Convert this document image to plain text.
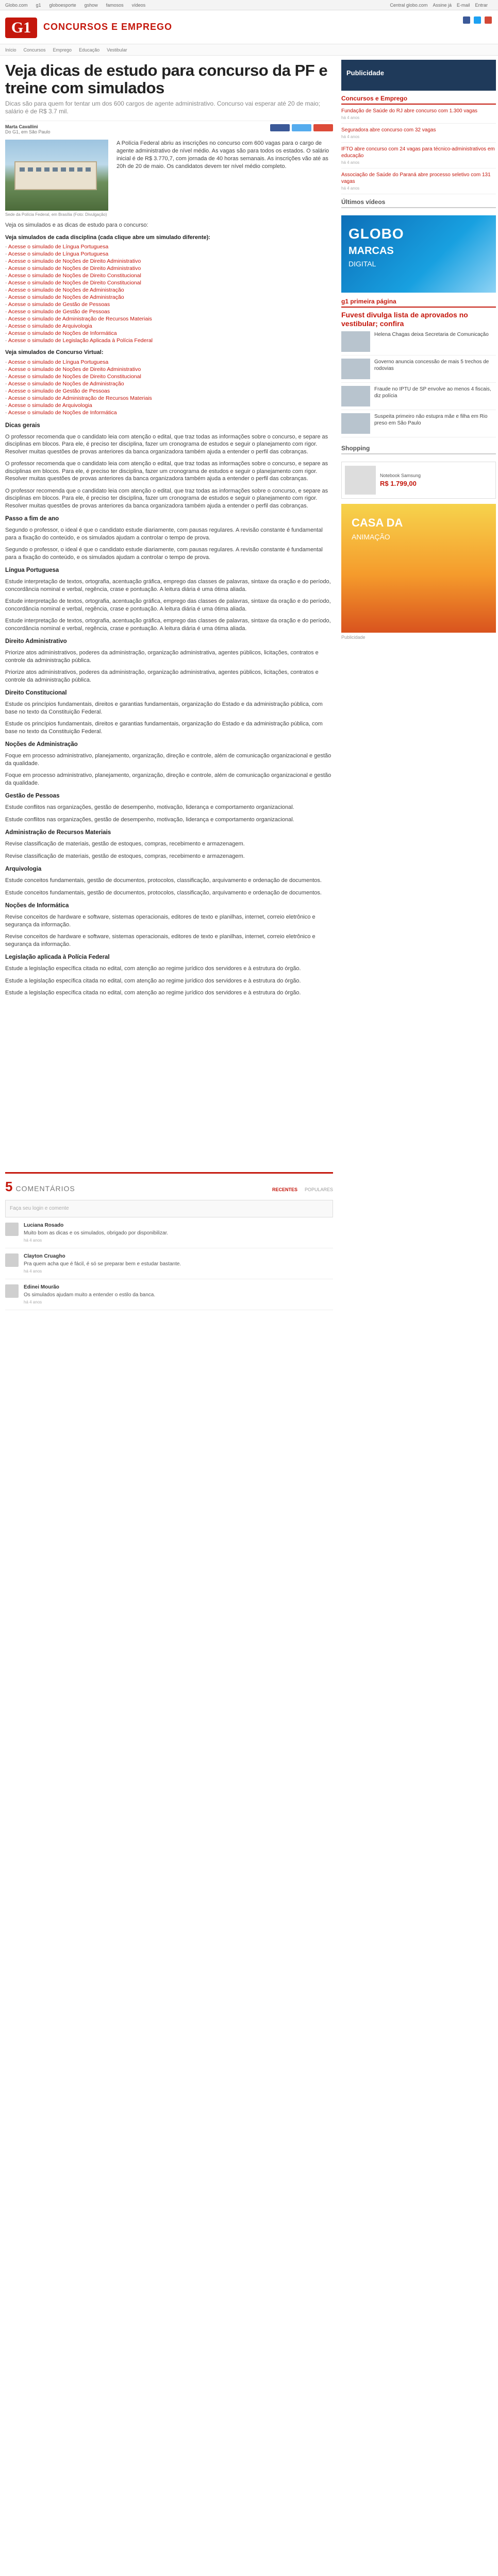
Globo.com g1 globoesporte gshow famosos vídeos	Central globo.com Assine já E-mail Entrar
G1	CONCURSOS E EMPREGO

Início Concursos Emprego Educação Vestibular
Veja dicas de estudo para concurso da PF e treine com simulados
Dicas são para quem for tentar um dos 600 cargos de agente administrativo. Concurso vai esperar até 20 de maio; salário é de R$ 3.7 mil.
Marta Cavallini
Do G1, em São Paulo
Sede da Polícia Federal, em Brasília (Foto: Divulgação)
A Polícia Federal abriu as inscrições no concurso com 600 vagas para o cargo de agente administrativo de nível médio. As vagas são para todos os estados. O salário inicial é de R$ 3.770,7, com jornada de 40 horas semanais. As inscrições vão até as 20h de 20 de maio. Os candidatos devem ter nível médio completo.
Veja os simulados e as dicas de estudo para o concurso:
Veja simulados de cada disciplina (cada clique abre um simulado diferente):
- Acesse o simulado de Língua Portuguesa
- Acesse o simulado de Língua Portuguesa
- Acesse o simulado de Noções de Direito Administrativo
- Acesse o simulado de Noções de Direito Administrativo
- Acesse o simulado de Noções de Direito Constitucional
- Acesse o simulado de Noções de Direito Constitucional
- Acesse o simulado de Noções de Administração
- Acesse o simulado de Noções de Administração
- Acesse o simulado de Gestão de Pessoas
- Acesse o simulado de Gestão de Pessoas
- Acesse o simulado de Administração de Recursos Materiais
- Acesse o simulado de Arquivologia
- Acesse o simulado de Noções de Informática
- Acesse o simulado de Legislação Aplicada à Polícia Federal
Veja simulados de Concurso Virtual:
- Acesse o simulado de Língua Portuguesa
- Acesse o simulado de Noções de Direito Administrativo
- Acesse o simulado de Noções de Direito Constitucional
- Acesse o simulado de Noções de Administração
- Acesse o simulado de Gestão de Pessoas
- Acesse o simulado de Administração de Recursos Materiais
- Acesse o simulado de Arquivologia
- Acesse o simulado de Noções de Informática
Dicas gerais
O professor recomenda que o candidato leia com atenção o edital, que traz todas as informações sobre o concurso, e separe as disciplinas em blocos. Para ele, é preciso ter disciplina, fazer um cronograma de estudos e seguir o planejamento com rigor. Resolver muitas questões de provas anteriores da banca organizadora também ajuda a entender o perfil das cobranças.
O professor recomenda que o candidato leia com atenção o edital, que traz todas as informações sobre o concurso, e separe as disciplinas em blocos. Para ele, é preciso ter disciplina, fazer um cronograma de estudos e seguir o planejamento com rigor. Resolver muitas questões de provas anteriores da banca organizadora também ajuda a entender o perfil das cobranças.
O professor recomenda que o candidato leia com atenção o edital, que traz todas as informações sobre o concurso, e separe as disciplinas em blocos. Para ele, é preciso ter disciplina, fazer um cronograma de estudos e seguir o planejamento com rigor. Resolver muitas questões de provas anteriores da banca organizadora também ajuda a entender o perfil das cobranças.
Passo a fim de ano
Segundo o professor, o ideal é que o candidato estude diariamente, com pausas regulares. A revisão constante é fundamental para a fixação do conteúdo, e os simulados ajudam a controlar o tempo de prova.
Segundo o professor, o ideal é que o candidato estude diariamente, com pausas regulares. A revisão constante é fundamental para a fixação do conteúdo, e os simulados ajudam a controlar o tempo de prova.
Língua Portuguesa
Estude interpretação de textos, ortografia, acentuação gráfica, emprego das classes de palavras, sintaxe da oração e do período, concordância nominal e verbal, regência, crase e pontuação. A leitura diária é uma ótima aliada.
Estude interpretação de textos, ortografia, acentuação gráfica, emprego das classes de palavras, sintaxe da oração e do período, concordância nominal e verbal, regência, crase e pontuação. A leitura diária é uma ótima aliada.
Estude interpretação de textos, ortografia, acentuação gráfica, emprego das classes de palavras, sintaxe da oração e do período, concordância nominal e verbal, regência, crase e pontuação. A leitura diária é uma ótima aliada.
Direito Administrativo
Priorize atos administrativos, poderes da administração, organização administrativa, agentes públicos, licitações, contratos e controle da administração pública.
Priorize atos administrativos, poderes da administração, organização administrativa, agentes públicos, licitações, contratos e controle da administração pública.
Direito Constitucional
Estude os princípios fundamentais, direitos e garantias fundamentais, organização do Estado e da administração pública, com base no texto da Constituição Federal.
Estude os princípios fundamentais, direitos e garantias fundamentais, organização do Estado e da administração pública, com base no texto da Constituição Federal.
Noções de Administração
Foque em processo administrativo, planejamento, organização, direção e controle, além de comunicação organizacional e gestão da qualidade.
Foque em processo administrativo, planejamento, organização, direção e controle, além de comunicação organizacional e gestão da qualidade.
Gestão de Pessoas
Estude conflitos nas organizações, gestão de desempenho, motivação, liderança e comportamento organizacional.
Estude conflitos nas organizações, gestão de desempenho, motivação, liderança e comportamento organizacional.
Administração de Recursos Materiais
Revise classificação de materiais, gestão de estoques, compras, recebimento e armazenagem.
Revise classificação de materiais, gestão de estoques, compras, recebimento e armazenagem.
Arquivologia
Estude conceitos fundamentais, gestão de documentos, protocolos, classificação, arquivamento e ordenação de documentos.
Estude conceitos fundamentais, gestão de documentos, protocolos, classificação, arquivamento e ordenação de documentos.
Noções de Informática
Revise conceitos de hardware e software, sistemas operacionais, editores de texto e planilhas, internet, correio eletrônico e segurança da informação.
Revise conceitos de hardware e software, sistemas operacionais, editores de texto e planilhas, internet, correio eletrônico e segurança da informação.
Legislação aplicada à Polícia Federal
Estude a legislação específica citada no edital, com atenção ao regime jurídico dos servidores e à estrutura do órgão.
Estude a legislação específica citada no edital, com atenção ao regime jurídico dos servidores e à estrutura do órgão.
Estude a legislação específica citada no edital, com atenção ao regime jurídico dos servidores e à estrutura do órgão.
5 COMENTÁRIOS	RECENTES POPULARES
Faça seu login e comente
Luciana Rosado
Muito bom as dicas e os simulados, obrigado por disponibilizar.
há 4 anos
Clayton Cruagho
Pra quem acha que é fácil, é só se preparar bem e estudar bastante.
há 4 anos
Edinei Mourão
Os simulados ajudam muito a entender o estilo da banca.
há 4 anos
Publicidade
Concursos e Emprego
Fundação de Saúde do RJ abre concurso com 1.300 vagas
há 4 anos
Seguradora abre concurso com 32 vagas
há 4 anos
IFTO abre concurso com 24 vagas para técnico-administrativos em educação
há 4 anos
Associação de Saúde do Paraná abre processo seletivo com 131 vagas
há 4 anos
Últimos vídeos
GLOBO
MARCAS
DIGITAL
g1 primeira página
Fuvest divulga lista de aprovados no vestibular; confira
Helena Chagas deixa Secretaria de Comunicação
Governo anuncia concessão de mais 5 trechos de rodovias
Fraude no IPTU de SP envolve ao menos 4 fiscais, diz polícia
Suspeita primeiro não estupra mãe e filha em Rio preso em São Paulo
Shopping
Notebook Samsung
R$ 1.799,00
CASA DA
ANIMAÇÃO
Publicidade
